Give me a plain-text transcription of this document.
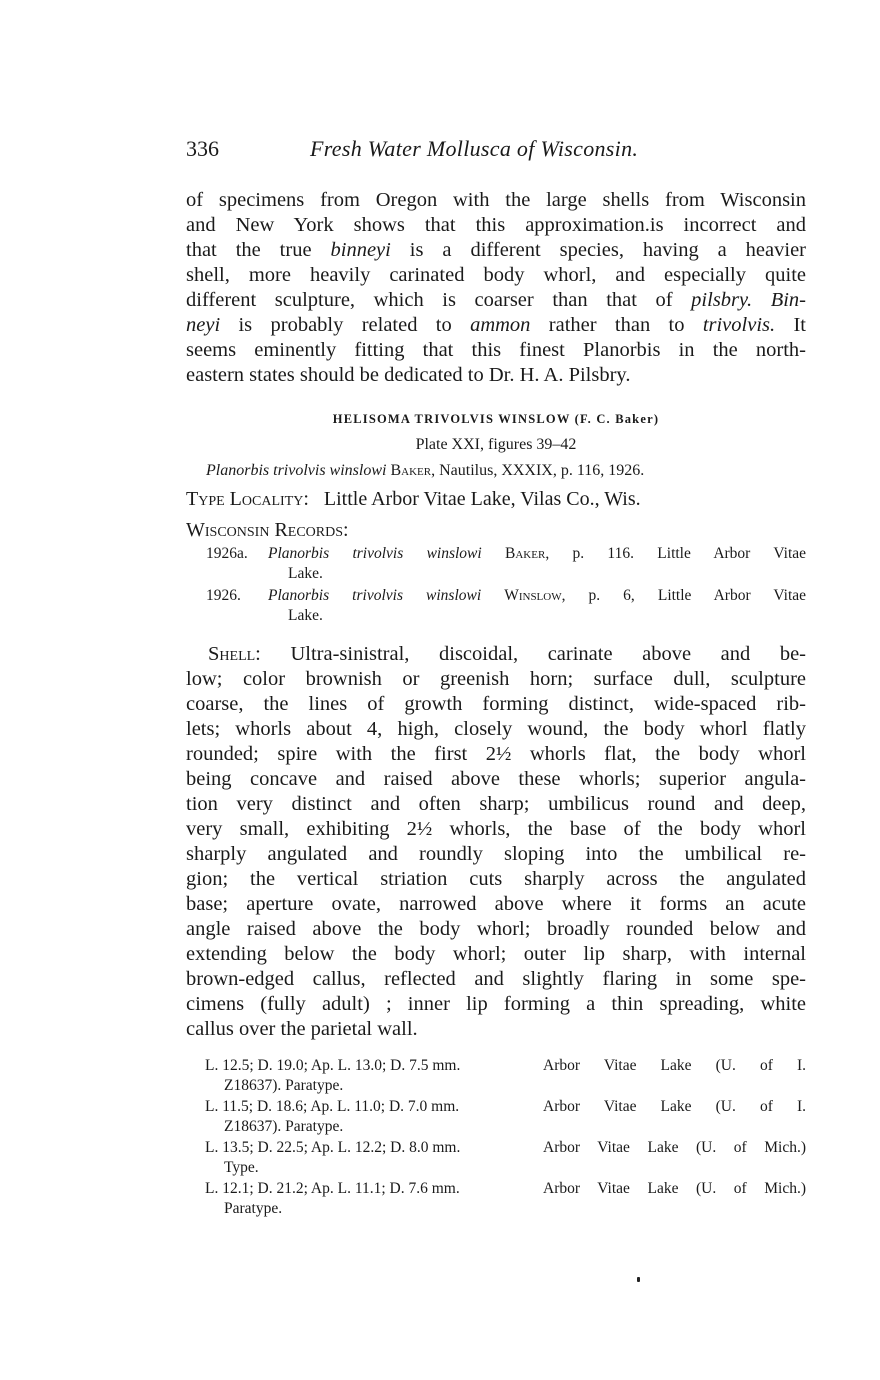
336	Fresh Water Mollusca of Wisconsin.

of specimens from Oregon with the large shells from Wisconsin
and New York shows that this approximation.is incorrect and
that the true binneyi is a different species, having a heavier
shell, more heavily carinated body whorl, and especially quite
different sculpture, which is coarser than that of pilsbry. Bin-
neyi is probably related to ammon rather than to trivolvis. It
seems eminently fitting that this finest Planorbis in the north-
eastern states should be dedicated to Dr. H. A. Pilsbry.

HELISOMA TRIVOLVIS WINSLOW (F. C. Baker)
Plate XXI, figures 39–42
Planorbis trivolvis winslowi Baker, Nautilus, XXXIX, p. 116, 1926.
Type Locality: Little Arbor Vitae Lake, Vilas Co., Wis.
Wisconsin Records:
1926a.	Planorbis trivolvis winslowi Baker, p. 116. Little Arbor Vitae
Lake.
1926.	Planorbis trivolvis winslowi Winslow, p. 6, Little Arbor Vitae
Lake.

Shell: Ultra-sinistral, discoidal, carinate above and be-
low; color brownish or greenish horn; surface dull, sculpture
coarse, the lines of growth forming distinct, wide-spaced rib-
lets; whorls about 4, high, closely wound, the body whorl flatly
rounded; spire with the first 2½ whorls flat, the body whorl
being concave and raised above these whorls; superior angula-
tion very distinct and often sharp; umbilicus round and deep,
very small, exhibiting 2½ whorls, the base of the body whorl
sharply angulated and roundly sloping into the umbilical re-
gion; the vertical striation cuts sharply across the angulated
base; aperture ovate, narrowed above where it forms an acute
angle raised above the body whorl; broadly rounded below and
extending below the body whorl; outer lip sharp, with internal
brown-edged callus, reflected and slightly flaring in some spe-
cimens (fully adult) ; inner lip forming a thin spreading, white
callus over the parietal wall.

L. 12.5; D. 19.0; Ap. L. 13.0; D. 7.5 mm.	Arbor Vitae Lake (U. of I.
Z18637). Paratype.
L. 11.5; D. 18.6; Ap. L. 11.0; D. 7.0 mm.	Arbor Vitae Lake (U. of I.
Z18637). Paratype.
L. 13.5; D. 22.5; Ap. L. 12.2; D. 8.0 mm.	Arbor Vitae Lake (U. of Mich.)
Type.
L. 12.1; D. 21.2; Ap. L. 11.1; D. 7.6 mm.	Arbor Vitae Lake (U. of Mich.)
Paratype.
